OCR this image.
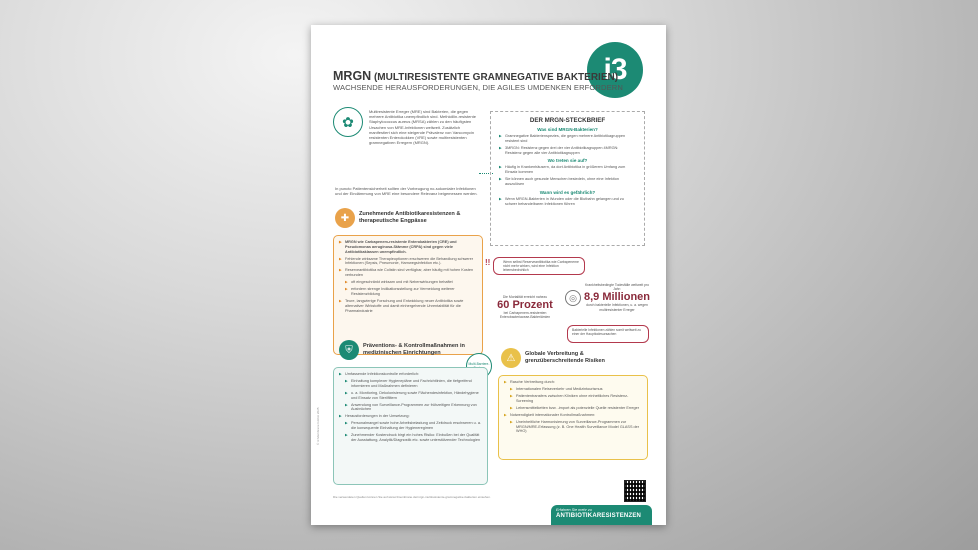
i3
MRGN (MULTIRESISTENTE GRAMNEGATIVE BAKTERIEN)
WACHSENDE HERAUSFORDERUNGEN, DIE AGILES UMDENKEN ERFORDERN
✿
Multiresistente Erreger (MRE) sind Bakterien, die gegen mehrere Antibiotika unempfindlich sind. Methicillin-resistente Staphylococcus aureus (MRSA) zählen zu den häufigsten Ursachen von MRE-Infektionen weltweit. Zusätzlich manifestiert sich eine steigende Prävalenz von Vancomycin resistenten Enterokokken (VRE) sowie multiresistenten gramnegativen Erregern (MRGN).
In puncto Patientensicherheit sollten der Vorbeugung no-sokomialer Infektionen und der Eindämmung von MRE eine besondere Relevanz beigemessen werden.
✚	Zunehmende Antibiotikaresistenzen & therapeutische Engpässe
▶ MRGN wie Carbapenem-resistente Enterobakterien (CRE) und Pseudomonas aeruginosa-Stämme (CRPA) sind gegen viele Antibiotikaklassen unempfindlich.
▶ Fehlende wirksame Therapieoptionen erschweren die Behandlung schwerer Infektionen (Sepsis, Pneumonie, Harnwegsinfektion etc.).
▶ Reserveantibiotika wie Colistin sind verfügbar, aber häufig mit hohen Kosten verbunden
▶ oft eingeschränkt wirksam und mit Nebenwirkungen behaftet
▶ erfordern strenge Indikationsstellung zur Vermeidung weiterer Resistenzbildung
▶ Teure, langwierige Forschung und Entwicklung neuer Antibiotika sowie alternativer Wirkstoffe und damit einhergehende Unrentabilität für die Pharmaindustrie
DER MRGN-STECKBRIEF
Was sind MRGN-Bakterien?
▶ Gramnegative Bakterienspezies, die gegen mehrere Antibiotikagruppen resistent sind
▶ 3MRGN: Resistenz gegen drei der vier Antibiotikagruppen 4MRGN: Resistenz gegen alle vier Antibiotikagruppen
Wo treten sie auf?
▶ Häufig in Krankenhäusern, da dort Antibiotika in größerem Umfang zum Einsatz kommen
▶ Sie können auch gesunde Menschen besiedeln, ohne eine Infektion auszulösen
Wann wird es gefährlich?
▶ Wenn MRGN-Bakterien in Wunden oder die Blutbahn gelangen und zu schwer behandelbaren Infektionen führen
!!	Wenn selbst Reserveantibiotika wie Carbapeneme nicht mehr wirken, wird eine Infektion lebensbedrohlich
Die Mortalität erreicht nahezu
60 Prozent
bei Carbapenem-resistenten Enterobacteriaceae-Bakteriämien
◎
Krankheitsbedingte Todesfälle weltweit pro Jahr:
8,9 Millionen
durch bakterielle Infektionen, u. a. wegen multiresistenter Erreger
Bakterielle Infektionen zählen somit weltweit zu einer der Haupttodesursachen
⛨	Präventions- & Kontrollmaßnahmen in medizinischen Einrichtungen
Multi-Barriere-
▶ Umfassende Infektionskontrolle erforderlich:
▶ Einhaltung komplexer Hygienepläne und Fachrichtlinien, die tiefgreifend informieren und Maßnahmen definieren
▶ u. a. Monitoring, Dekolonisierung sowie Flächendesinfektion, Händehygiene und Einsatz von Sterilfiltern
▶ Anwendung von Surveillance-Programmen zur frühzeitigen Erkennung von Ausbrüchen
▶ Herausforderungen in der Umsetzung:
▶ Personalmangel sowie hohe Arbeitsbelastung und Zeitdruck erschweren u. a. die konsequente Einhaltung der Hygieneregimen
▶ Zunehmender Kostendruck birgt ein hohes Risiko: Einbußen bei der Qualität der Ausstattung, Analytik/Diagnostik etc. sowie unterstützender Technologien
⚠	Globale Verbreitung & grenzüberschreitende Risiken
▶ Rasche Verbreitung durch:
▶ Internationalen Reiseverkehr und Medizintourismus
▶ Patiententransfers zwischen Kliniken ohne einheitliches Resistenz-Screening
▶ Lebensmittelketten bzw. -import als potenzielle Quelle resistenter Erreger
▶ Notwendigkeit internationaler Kontrollmaßnahmen:
▶ Uneinheitliche Harmonisierung von Surveillance-Programmen zur MRGN/MRE-Erfassung (z. B. One Health Surveillance Model GLASS der WHO)
Erfahren Sie mehr zu
ANTIBIOTIKARESISTENZEN
Die verwendeten Quellen können Sie auf www.i3membrane.de/mrgn-multiresistente-gramnegative-bakterien einsehen.
© i3 Membrane GmbH 2025
